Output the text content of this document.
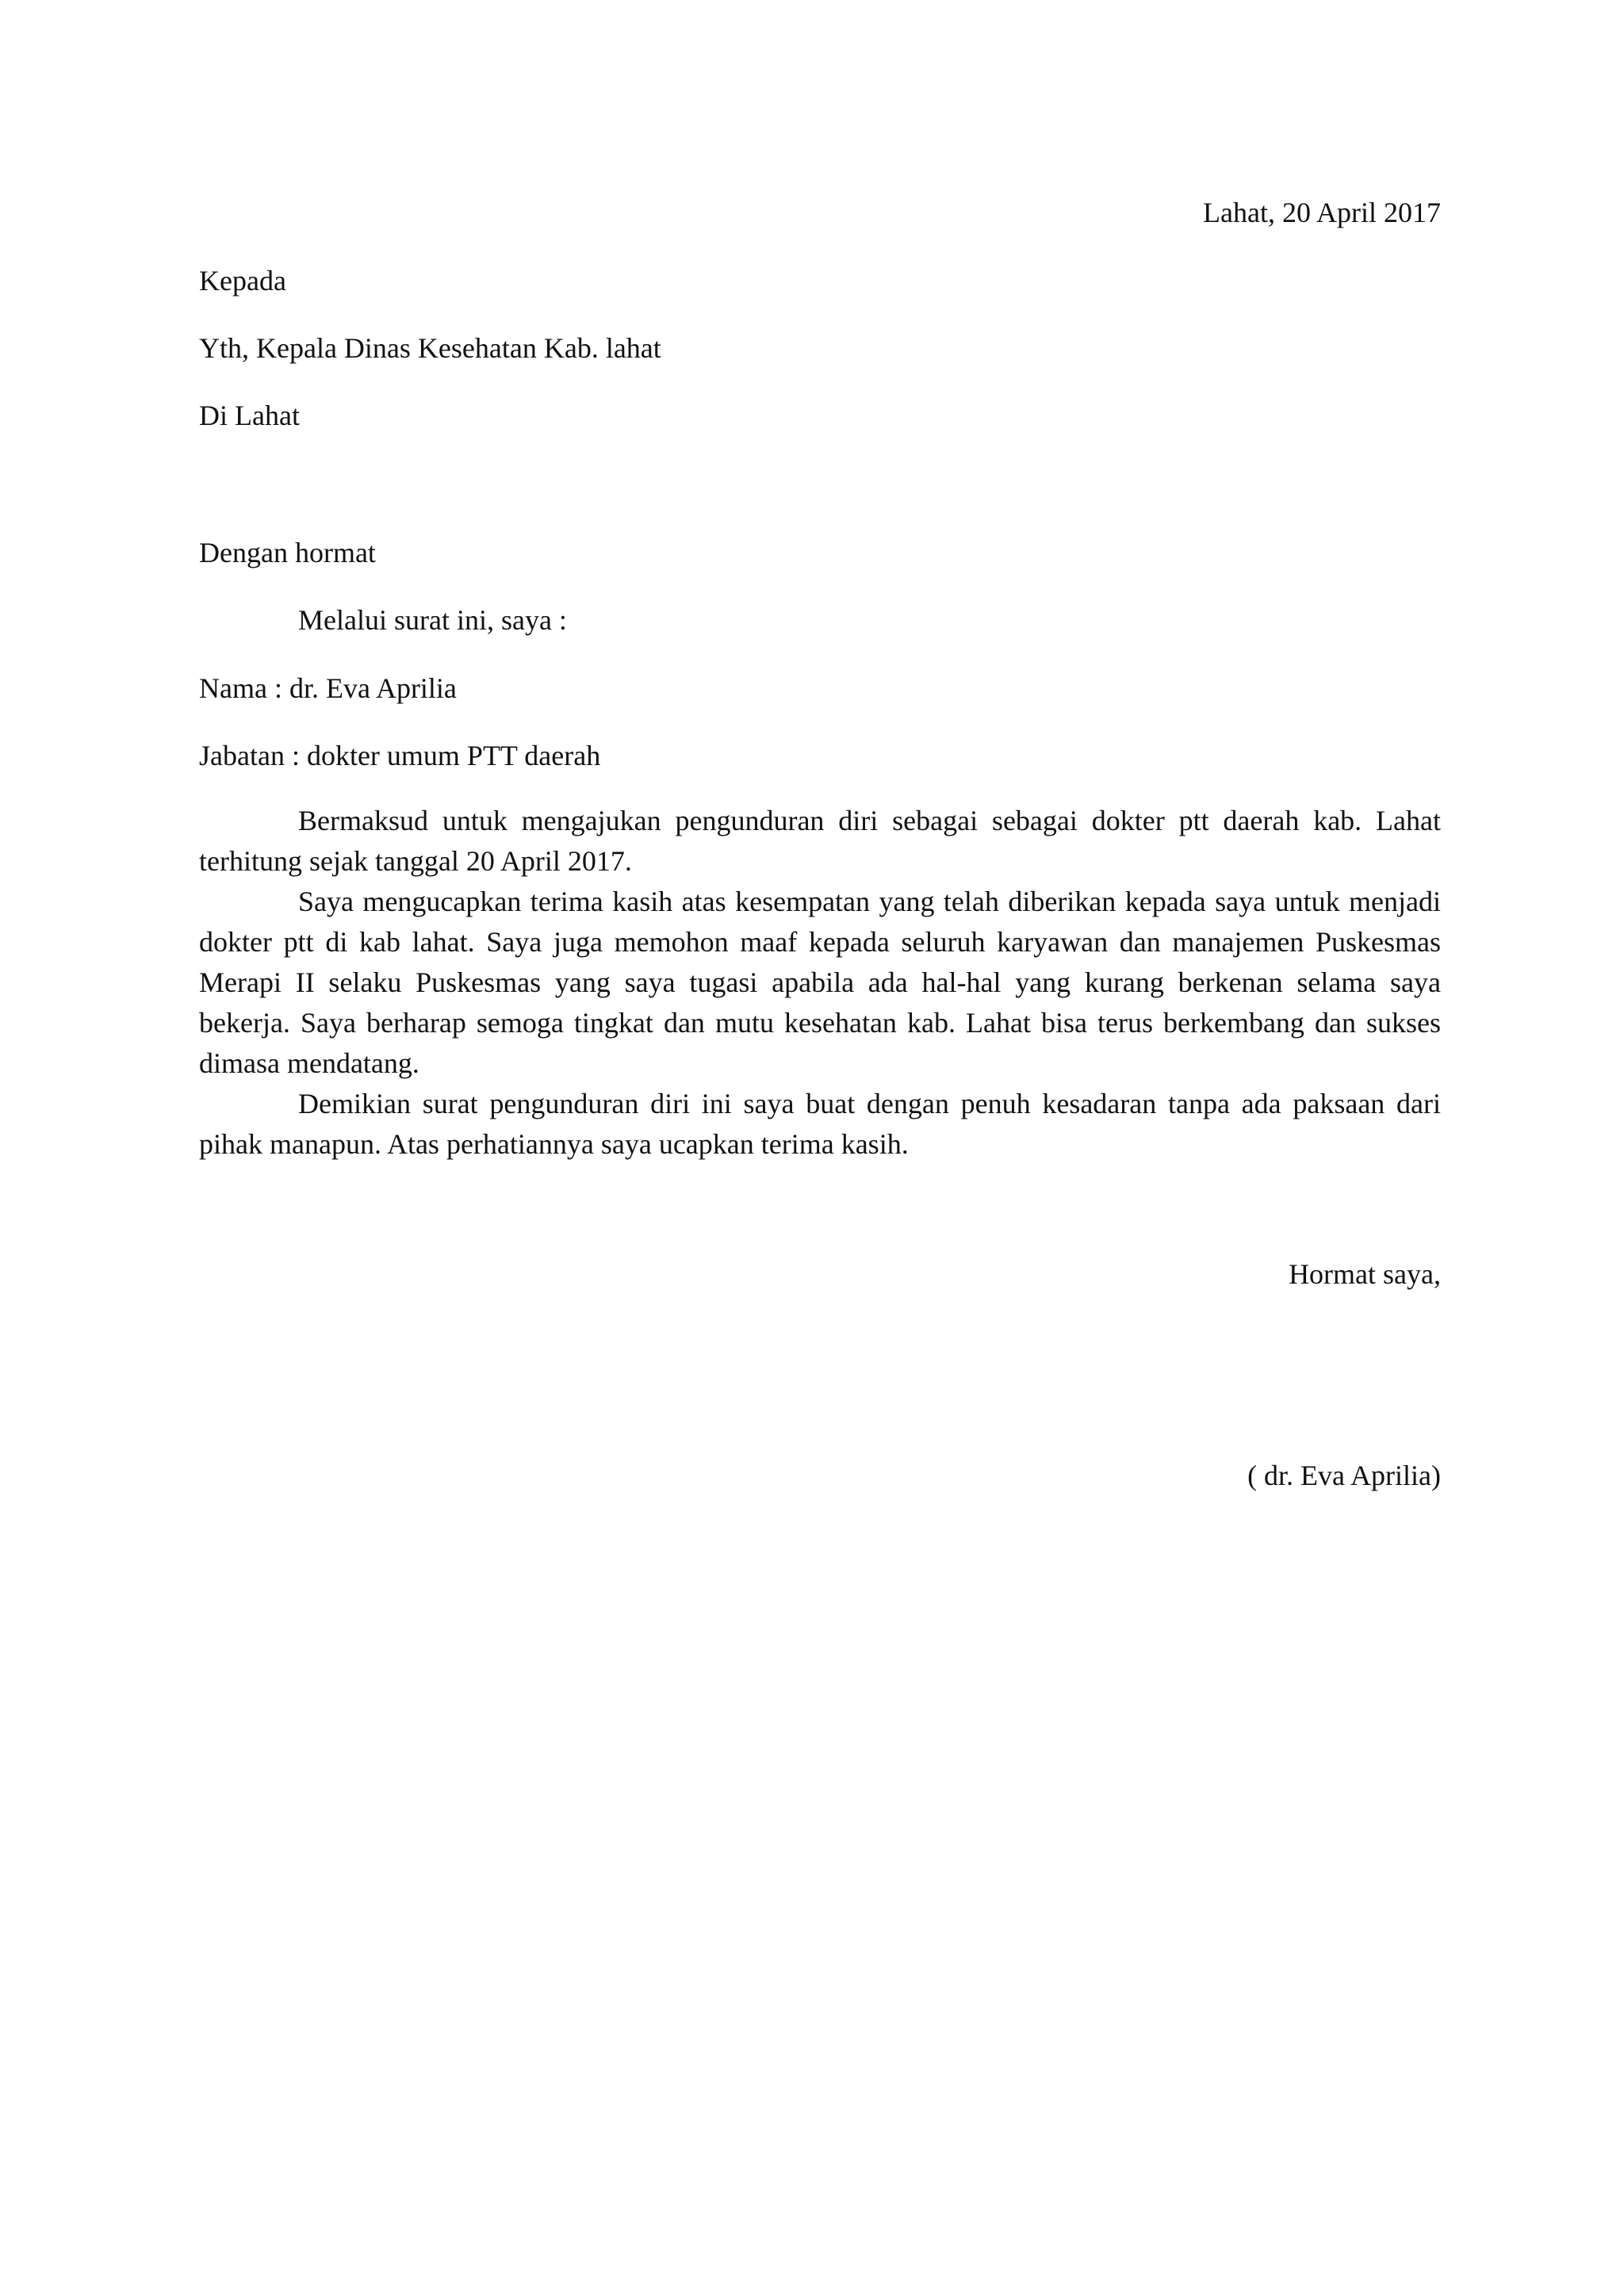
Lahat, 20 April 2017
Kepada
Yth, Kepala Dinas Kesehatan Kab. lahat
Di Lahat
Dengan hormat
Melalui surat ini, saya :
Nama : dr. Eva Aprilia
Jabatan : dokter umum PTT daerah

Bermaksud untuk mengajukan pengunduran diri sebagai sebagai dokter ptt daerah kab. Lahat terhitung sejak tanggal 20 April 2017.

Saya mengucapkan terima kasih atas kesempatan yang telah diberikan kepada saya untuk menjadi dokter ptt di kab lahat. Saya juga memohon maaf kepada seluruh karyawan dan manajemen Puskesmas Merapi II selaku Puskesmas yang saya tugasi apabila ada hal-hal yang kurang berkenan selama saya bekerja. Saya berharap semoga tingkat dan mutu kesehatan kab. Lahat bisa terus berkembang dan sukses dimasa mendatang.

Demikian surat pengunduran diri ini saya buat dengan penuh kesadaran tanpa ada paksaan dari pihak manapun. Atas perhatiannya saya ucapkan terima kasih.

Hormat saya,
( dr. Eva Aprilia)
